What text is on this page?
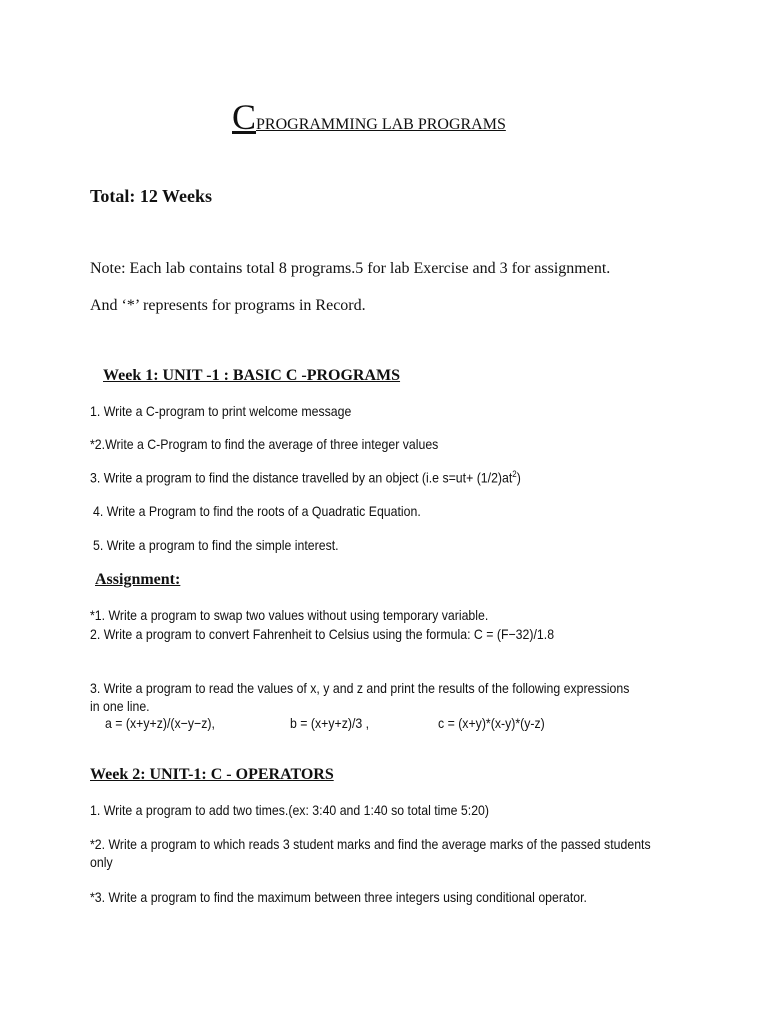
CPROGRAMMING LAB PROGRAMS
Total: 12 Weeks
Note: Each lab contains total 8 programs.5 for lab Exercise and 3 for assignment.
And ‘*’ represents for programs in Record.
Week 1: UNIT -1 : BASIC C -PROGRAMS
1. Write a C-program to print welcome message
*2.Write a C-Program to find the average of three integer values
3. Write a program to find the distance travelled by an object (i.e $s=ut+ (1/2)at^2$)
4. Write a Program to find the roots of a Quadratic Equation.
5. Write a program to find the simple interest.
Assignment:
*1. Write a program to swap two values without using temporary variable.
2. Write a program to convert Fahrenheit to Celsius using the formula: C = (F−32)/1.8
3. Write a program to read the values of x, y and z and print the results of the following expressions in one line.
a = (x+y+z)/(x−y−z),	b = (x+y+z)/3 ,	c = (x+y)*(x-y)*(y-z)
Week 2: UNIT-1: C - OPERATORS
1. Write a program to add two times.(ex: 3:40 and 1:40 so total time 5:20)
*2. Write a program to which reads 3 student marks and find the average marks of the passed students only
*3. Write a program to find the maximum between three integers using conditional operator.
